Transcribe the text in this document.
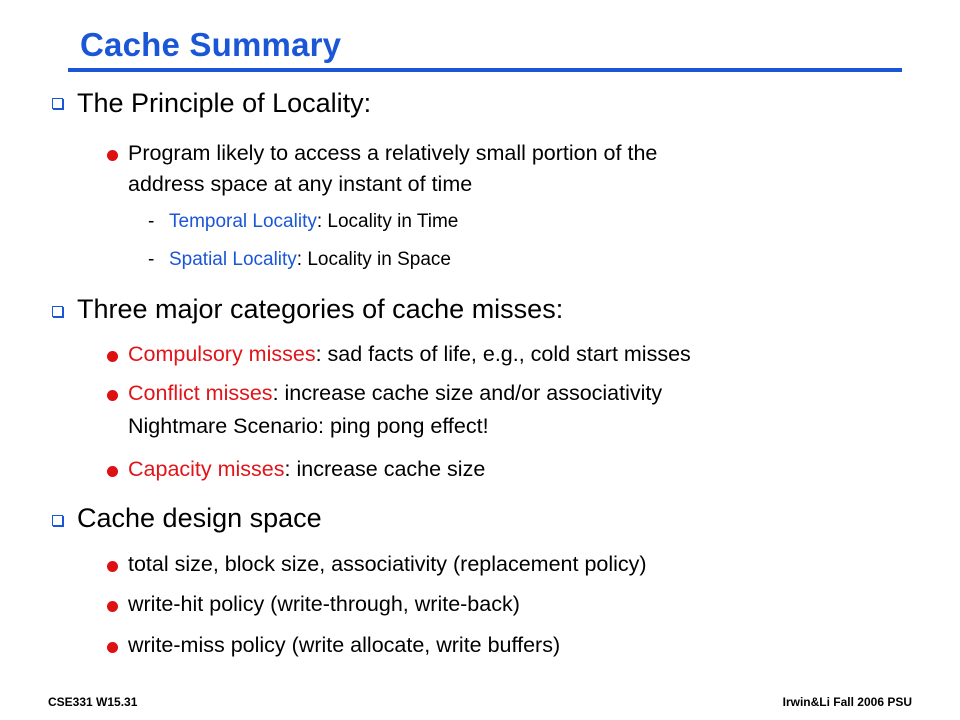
Cache Summary
The Principle of Locality:
Program likely to access a relatively small portion of the
address space at any instant of time
- Temporal Locality: Locality in Time
- Spatial Locality: Locality in Space
Three major categories of cache misses:
Compulsory misses: sad facts of life, e.g., cold start misses
Conflict misses: increase cache size and/or associativity
Nightmare Scenario: ping pong effect!
Capacity misses: increase cache size
Cache design space
total size, block size, associativity (replacement policy)
write-hit policy (write-through, write-back)
write-miss policy (write allocate, write buffers)
CSE331 W15.31	Irwin&Li Fall 2006 PSU
